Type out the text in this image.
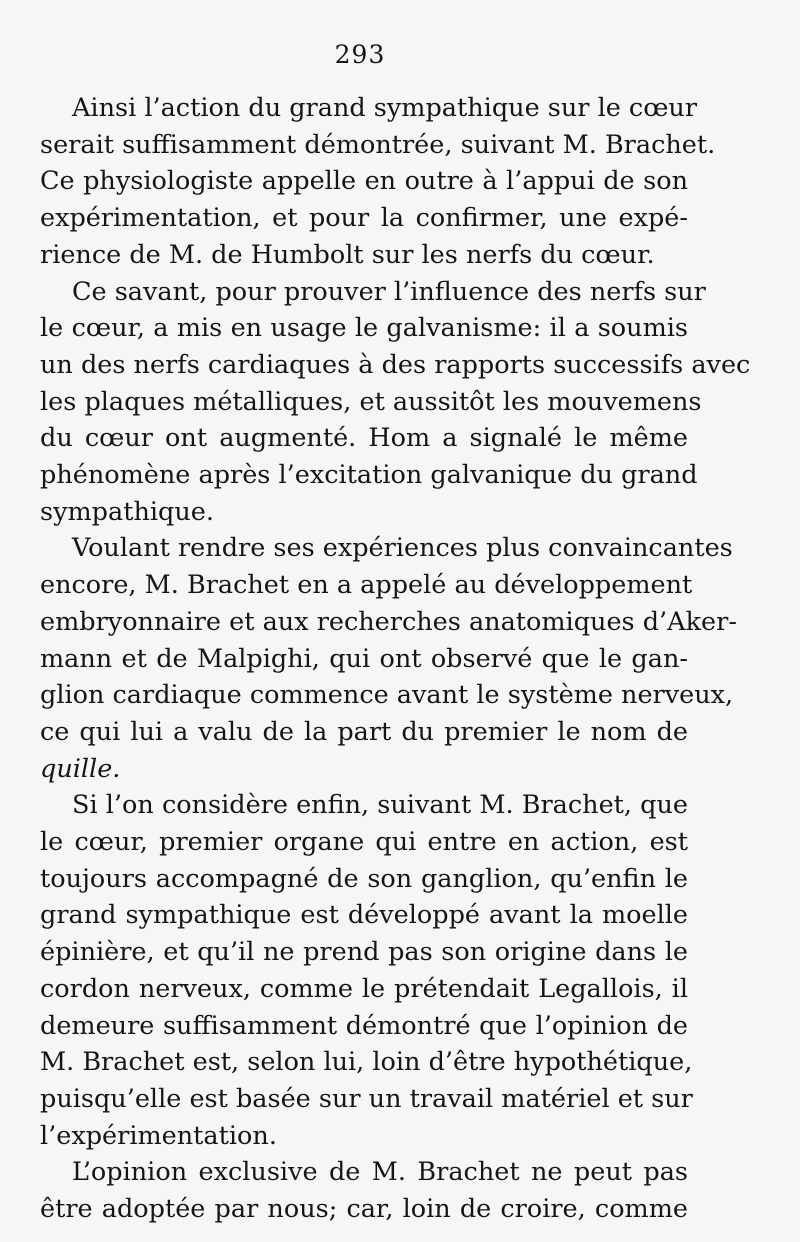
293
Ainsi l’action du grand sympathique sur le cœur
serait suffisamment démontrée, suivant M. Brachet.
Ce physiologiste appelle en outre à l’appui de son
expérimentation, et pour la confirmer, une expé-
rience de M. de Humbolt sur les nerfs du cœur.
Ce savant, pour prouver l’influence des nerfs sur
le cœur, a mis en usage le galvanisme: il a soumis
un des nerfs cardiaques à des rapports successifs avec
les plaques métalliques, et aussitôt les mouvemens
du cœur ont augmenté. Hom a signalé le même
phénomène après l’excitation galvanique du grand
sympathique.
Voulant rendre ses expériences plus convaincantes
encore, M. Brachet en a appelé au développement
embryonnaire et aux recherches anatomiques d’Aker-
mann et de Malpighi, qui ont observé que le gan-
glion cardiaque commence avant le système nerveux,
ce qui lui a valu de la part du premier le nom de
quille.
Si l’on considère enfin, suivant M. Brachet, que
le cœur, premier organe qui entre en action, est
toujours accompagné de son ganglion, qu’enfin le
grand sympathique est développé avant la moelle
épinière, et qu’il ne prend pas son origine dans le
cordon nerveux, comme le prétendait Legallois, il
demeure suffisamment démontré que l’opinion de
M. Brachet est, selon lui, loin d’être hypothétique,
puisqu’elle est basée sur un travail matériel et sur
l’expérimentation.
L’opinion exclusive de M. Brachet ne peut pas
être adoptée par nous; car, loin de croire, comme
